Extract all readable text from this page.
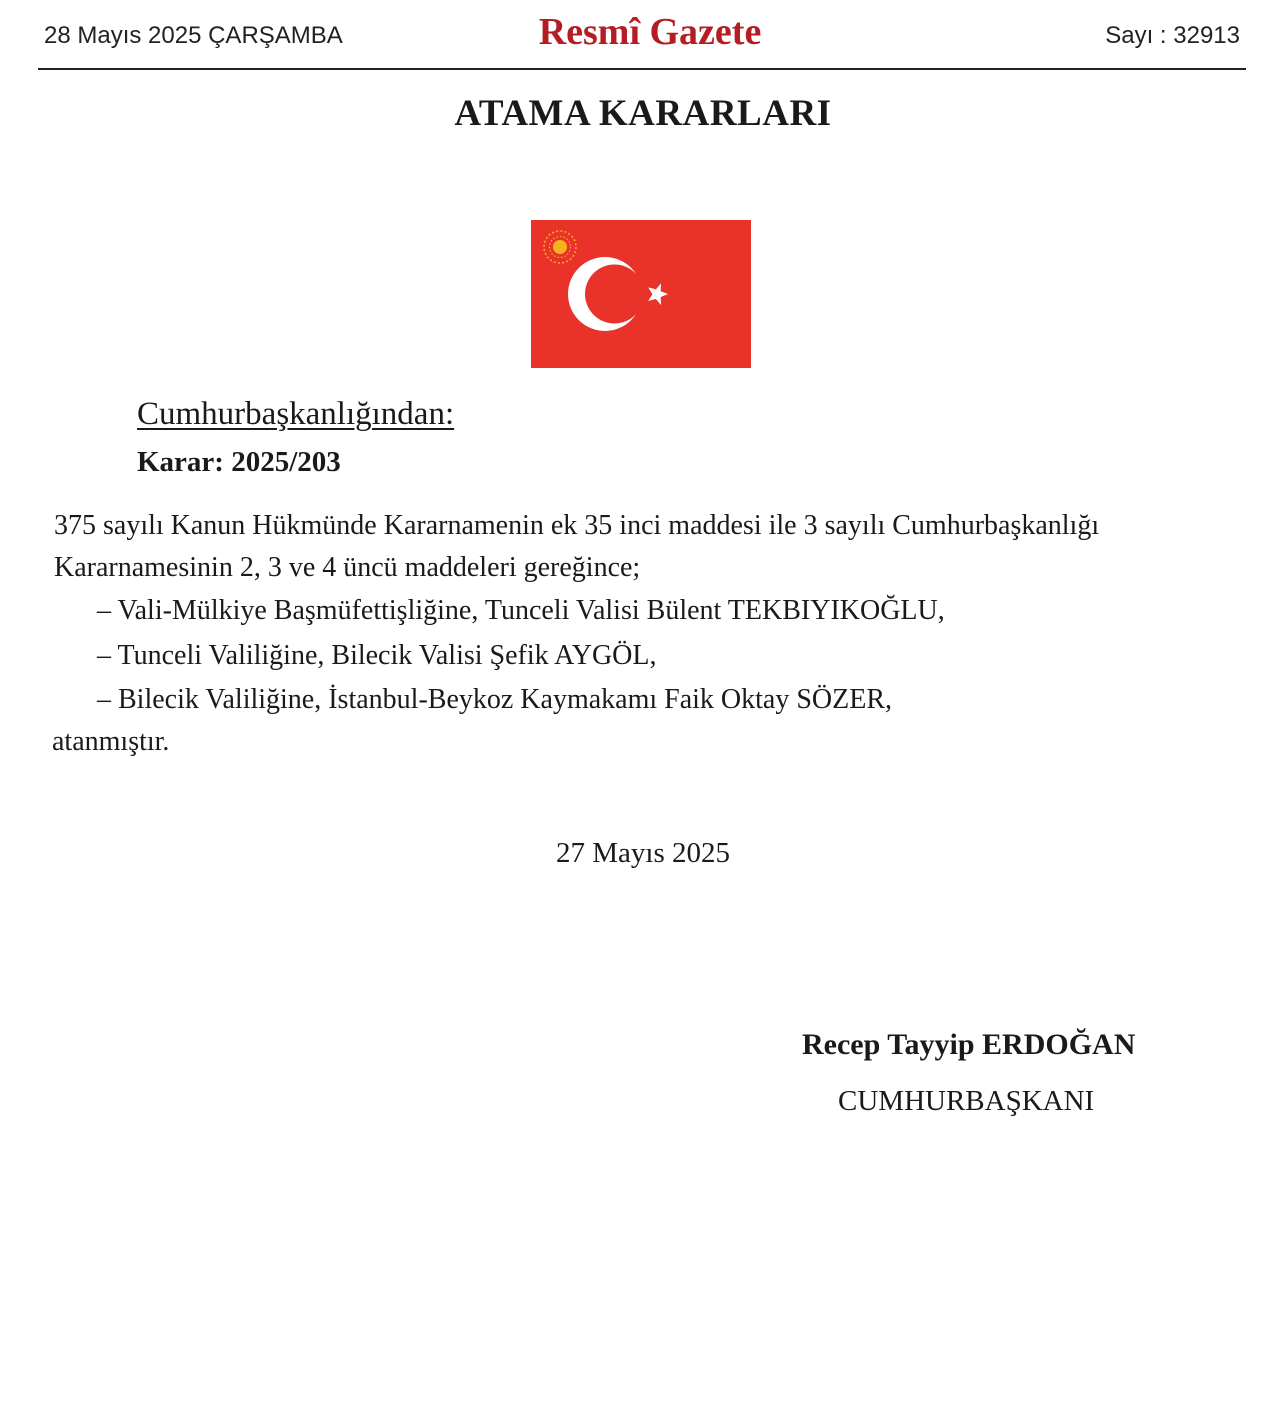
28 Mayıs 2025 ÇARŞAMBA	Resmî Gazete	Sayı : 32913
ATAMA KARARLARI
Cumhurbaşkanlığından:
Karar: 2025/203
375 sayılı Kanun Hükmünde Kararnamenin ek 35 inci maddesi ile 3 sayılı Cumhurbaşkanlığı
Kararnamesinin 2, 3 ve 4 üncü maddeleri gereğince;
– Vali-Mülkiye Başmüfettişliğine, Tunceli Valisi Bülent TEKBIYIKOĞLU,
– Tunceli Valiliğine, Bilecik Valisi Şefik AYGÖL,
– Bilecik Valiliğine, İstanbul-Beykoz Kaymakamı Faik Oktay SÖZER,
atanmıştır.
27 Mayıs 2025
Recep Tayyip ERDOĞAN
CUMHURBAŞKANI
